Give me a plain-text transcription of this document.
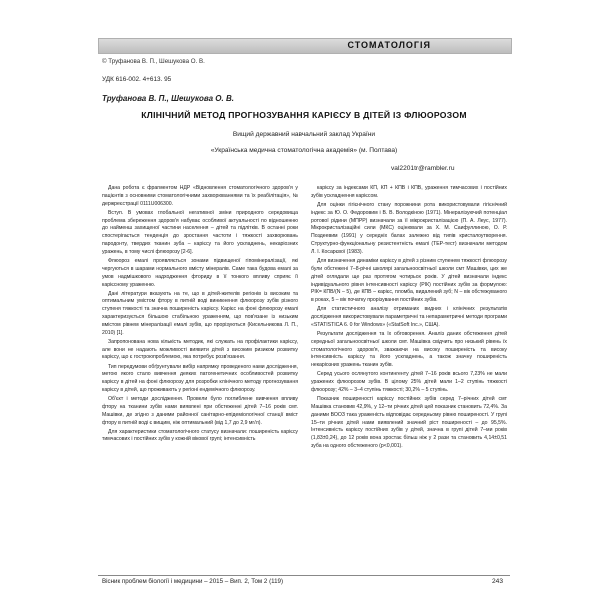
СТОМАТОЛОГІЯ
© Труфанова В. П., Шешукова О. В.
УДК 616-002. 4+613. 95
Труфанова В. П., Шешукова О. В.
КЛІНІЧНИЙ МЕТОД ПРОГНОЗУВАННЯ КАРІЄСУ В ДІТЕЙ ІЗ ФЛЮОРОЗОМ
Вищий державний навчальний заклад України
«Українська медична стоматологічна академія» (м. Полтава)
val2201tr@rambler.ru

Дана робота є фрагментом НДР «Відновлення стоматологічного здоров'я у пацієнтів з основними стоматологічними захворюваннями та їх реабілітація», № держреєстрації 0111U006300.

Вступ. В умовах глобальної негативної зміни природного середовища проблема збереження здоров'я набуває особливої актуальності по відношенню до найменш захищеної частини населення – дітей та підлітків. В останні роки спостерігається тенденція до зростання частоти і тяжкості захворювань пародонту, твердих тканин зуба – карієсу та його ускладнень, некаріозних уражень, в тому числі флюорозу [2-6].

Флюороз емалі проявляється зонами підвищеної гіпомінералізації, які чергуються в шарами нормального вмісту мінералів. Саме така будова емалі за умов надмішкового надходження фториду в її тонкого впливу сприяє її карієсному ураженню.

Дані літератури вказують на те, що в дітей-жителів регіонів із високим та оптимальним умістом фтору в питній воді виникнення флюорозу зубів різного ступеня тяжкості та значна поширеність карієсу. Карієс на фоні флюорозу емалі характеризується більшою стабільною ураженням, що пов'язане із низьким вмістом рівнем мінералізації емалі зубів, що прорізуються (Кисельникова Л. П., 2010) [1].

Запропонована нова кількість методик, які служать на профілактики карієсу, але вони не надають можливості виявити дітей з високим ризиком розвитку карієсу, що є гостроюпроблемою, яка потребує розв'язання.

Тип передумови обґрунтували вибір напрямку проведеного нами дослідження, метою якого стало вивчення деяких патогенетичних особливостей розвитку карієсу в дітей на фоні флюорозу для розробки клінічного методу прогнозування карієсу в дітей, що проживають у регіоні ендемічного флюорозу.

Об'єкт і методи дослідження. Провели було поглиблене вивчення впливу фтору на тканини зубів нами виявлені при обстеженні дітей 7–16 років смт. Машівки, де згідно з даними районної санітарно-епідеміологічної станції вміст фтору в питній воді є вищим, ніж оптимальний (від 1,7 до 2,9 мг/л).

Для характеристики стоматологічного статусу визначали: поширеність карієсу тимчасових і постійних зубів у кожній вікової групі; інтенсивність

карієсу за індексами КП, КП + КПВ і КПВ, ураження тимчасових і постійних зубів ускладнення карієсом.

Для оцінки гігієнічного стану порожнини рота використовували гігієнічний індекс за Ю. О. Федоровим і В. В. Володкіною (1971). Мінералізуючий потенціал ротової рідини (МПРР) визначали за її мікрокристалізацією (П. А. Леус, 1977). Мікрокристалізаційні сили (МКС) оцінювали за Х. М. Саифуллиною, О. Р. Поздеевим (1991) у середніх балах залежно від типів кристалоутворення. Структурно-функціональну резистентність емалі (ТЕР-тест) визначали методом Л. І. Косарєвої (1983).

Для визначення динаміки карієсу в дітей з різним ступенем тяжкості флюорозу були обстежені 7–8-річні школярі загальноосвітньої школи смт Машівки, цих же дітей оглядали ще раз протягом чотирьох років. У дітей визначали індекс індивідуального рівня інтенсивності карієсу (РІК) постійних зубів за формулою: РІК= КПВ/(N – 5), де КПВ – карієс, пломба, видалений зуб; N – вік обстежуваного в роках, 5 – вік початку прорізування постійних зубів.

Для статистичного аналізу отриманих видних і клінічних результатів дослідження використовували параметричні та непараметричні методи програми «STATISTICA 6. 0 for Windows» («StatSoft Inc.», США).

Результати дослідження та їх обговорення. Аналіз даних обстеження дітей середньої загальноосвітньої школи смт. Машівка свідчить про низький рівень їх стоматологічного здоров'я, зважаючи на високу поширеність та високу інтенсивність карієсу та його ускладнень, а також значну поширеність некаріозних уражень тканин зубів.

Серед усього ослянутого контингенту дітей 7–16 років всього 7,23% не мали уражених флюорозом зубів. В цілому 25% дітей мали 1–2 ступінь тяжкості флюорозу; 42% – 3–4 ступінь тяжкості; 30,2% – 5 ступінь.

Показник поширеності карієсу постійних зубів серед 7–річних дітей смт Машівка становив 42,9%, у 12–ти річних дітей цей показник становить 72,4%. За даними ВООЗ така ураженість відповідає середньому рівню поширеності. У групі 15–ти річних дітей нами виявлений значний ріст поширеності – до 95,5%. Інтенсивність карієсу постійних зубів у дітей, значна в групі дітей 7–ми років (1,83±0,24), до 12 років вона зростає більш ніж у 2 рази та становить 4,14±0,51 зуба на одного обстеженого (р<0,001).

Вісник проблем біології і медицини – 2015 – Вип. 2, Том 2 (119)	243
